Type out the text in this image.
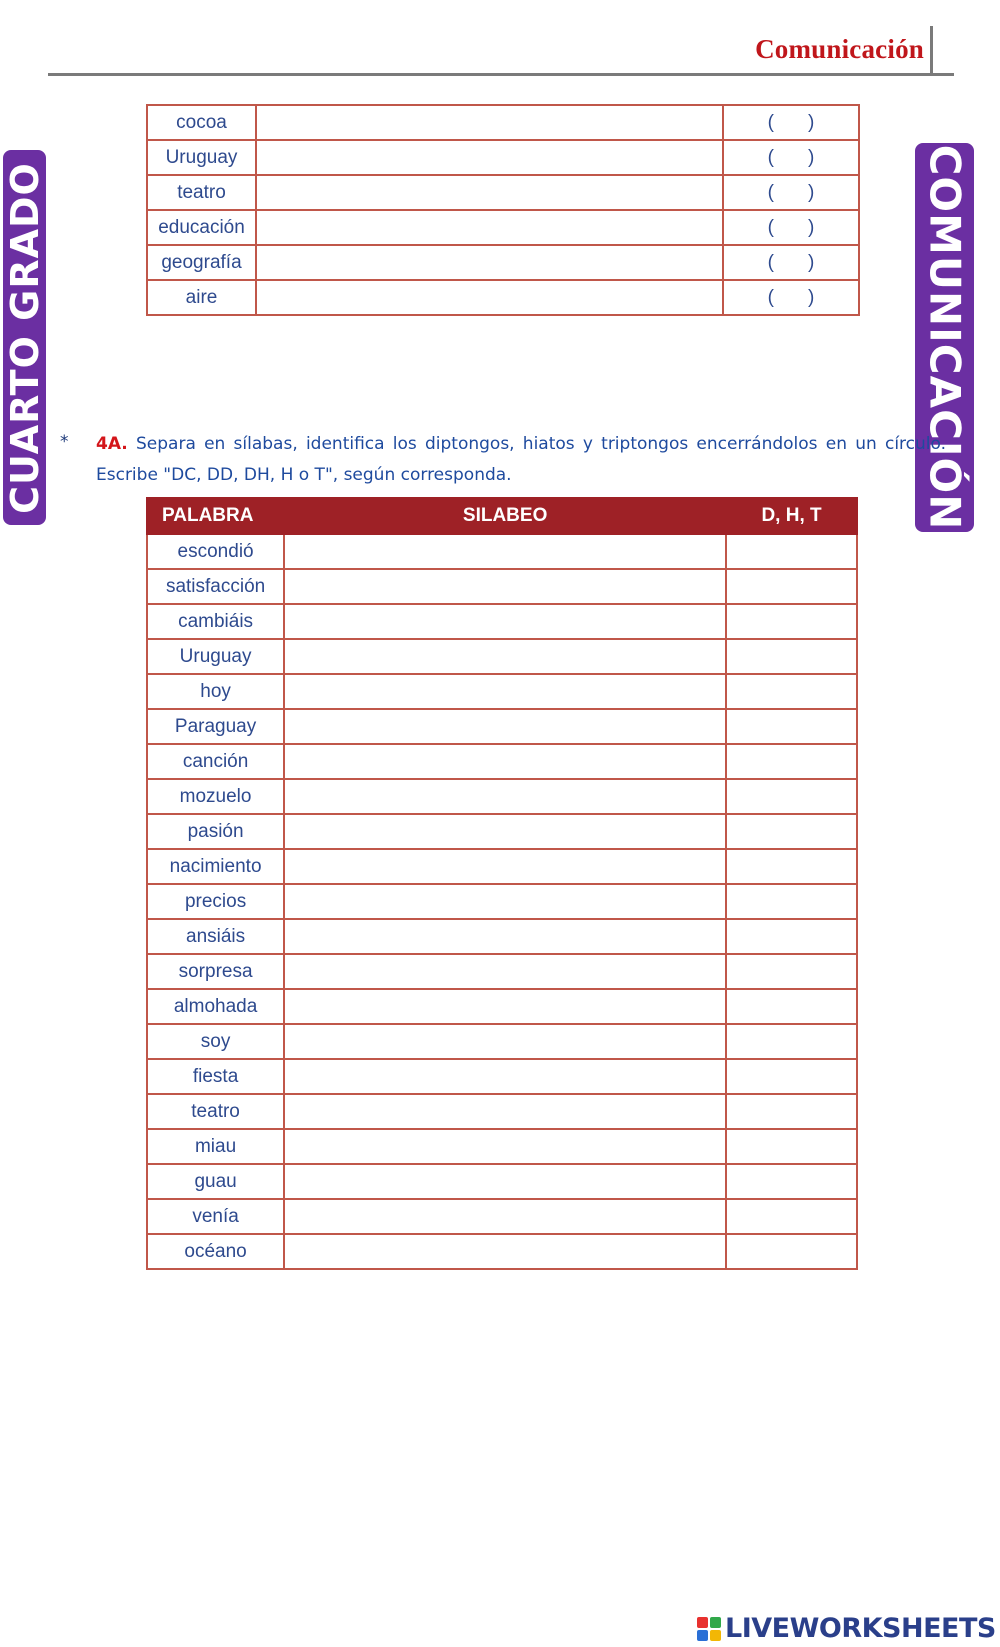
Comunicación
CUARTO GRADO	COMUNICACIÓN
cocoa		( )
Uruguay		( )
teatro		( )
educación		( )
geografía		( )
aire		( )
* 4A. Separa en sílabas, identifica los diptongos, hiatos y triptongos encerrándolos en un círculo. Escribe "DC, DD, DH, H o T", según corresponda.
PALABRA	SILABEO	D, H, T
escondió		
satisfacción		
cambiáis		
Uruguay		
hoy		
Paraguay		
canción		
mozuelo		
pasión		
nacimiento		
precios		
ansiáis		
sorpresa		
almohada		
soy		
fiesta		
teatro		
miau		
guau		
venía		
océano		
LIVEWORKSHEETS
